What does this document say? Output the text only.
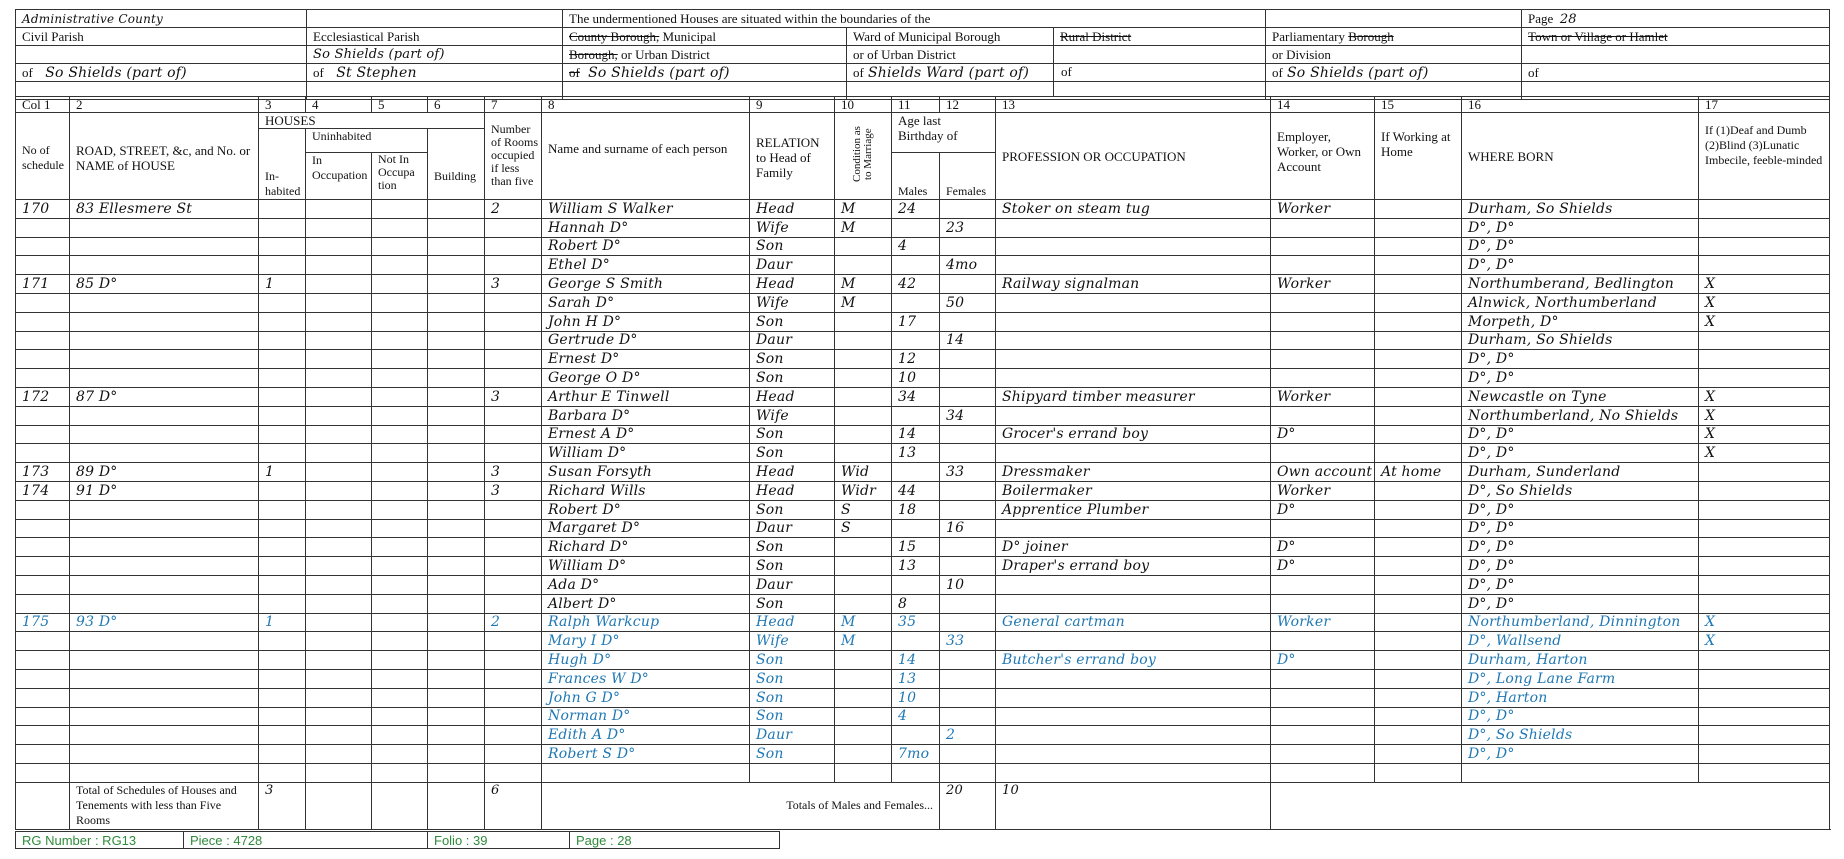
Administrative County		The undermentioned Houses are situated within the boundaries of the			Page 28
Civil Parish	Ecclesiastical Parish	County Borough, Municipal	Ward of Municipal Borough	Parliamentary Borough	Town or Village or Hamlet
	So Shields (part of)	Borough, or Urban District	or of Urban District	or Division	
of So Shields (part of)	of St Stephen	of So Shields (part of)	of Shields Ward (part of)	of So Shields (part of)	of

Rural District
of
Col 1	2	3	4	5	6	7	8	9	10	11	12	13	14	15	16	17
No of schedule	ROAD, STREET, &c, and No. or NAME of HOUSE	HOUSES				Number of Rooms occupied if less than five	Name and surname of each person	RELATION to Head of Family	Condition as to Marriage	Age last Birthday of		PROFESSION OR OCCUPATION	Employer, Worker, or Own Account	If Working at Home	WHERE BORN	If (1)Deaf and Dumb (2)Blind (3)Lunatic Imbecile, feeble-minded
		In- habited	Uninhabited		Building											
			In Occupation	Not In Occupa tion						Males	Females					
170	83 Ellesmere St					2	William S Walker	Head	M	24		Stoker on steam tug	Worker		Durham, So Shields	
							Hannah D°	Wife	M		23				D°, D°	
							Robert D°	Son		4					D°, D°	
							Ethel D°	Daur			4mo				D°, D°	
171	85 D°	1				3	George S Smith	Head	M	42		Railway signalman	Worker		Northumberand, Bedlington	X
							Sarah D°	Wife	M		50				Alnwick, Northumberland	X
							John H D°	Son		17					Morpeth, D°	X
							Gertrude D°	Daur			14				Durham, So Shields	
							Ernest D°	Son		12					D°, D°	
							George O D°	Son		10					D°, D°	
172	87 D°					3	Arthur E Tinwell	Head		34		Shipyard timber measurer	Worker		Newcastle on Tyne	X
							Barbara D°	Wife			34				Northumberland, No Shields	X
							Ernest A D°	Son		14		Grocer's errand boy	D°		D°, D°	X
							William D°	Son		13					D°, D°	X
173	89 D°	1				3	Susan Forsyth	Head	Wid		33	Dressmaker	Own account	At home	Durham, Sunderland	
174	91 D°					3	Richard Wills	Head	Widr	44		Boilermaker	Worker		D°, So Shields	
							Robert D°	Son	S	18		Apprentice Plumber	D°		D°, D°	
							Margaret D°	Daur	S		16				D°, D°	
							Richard D°	Son		15		D° joiner	D°		D°, D°	
							William D°	Son		13		Draper's errand boy	D°		D°, D°	
							Ada D°	Daur			10				D°, D°	
							Albert D°	Son		8					D°, D°	
175	93 D°	1				2	Ralph Warkcup	Head	M	35		General cartman	Worker		Northumberland, Dinnington	X
							Mary I D°	Wife	M		33				D°, Wallsend	X
							Hugh D°	Son		14		Butcher's errand boy	D°		Durham, Harton	
							Frances W D°	Son		13					D°, Long Lane Farm	
							John G D°	Son		10					D°, Harton	
							Norman D°	Son		4					D°, D°	
							Edith A D°	Daur			2				D°, So Shields	
							Robert S D°	Son		7mo					D°, D°	

	Total of Schedules of Houses and Tenements with less than Five Rooms	3				6	Totals of Males and Females...				20	10				
RG Number : RG13	Piece : 4728	Folio : 39	Page : 28
